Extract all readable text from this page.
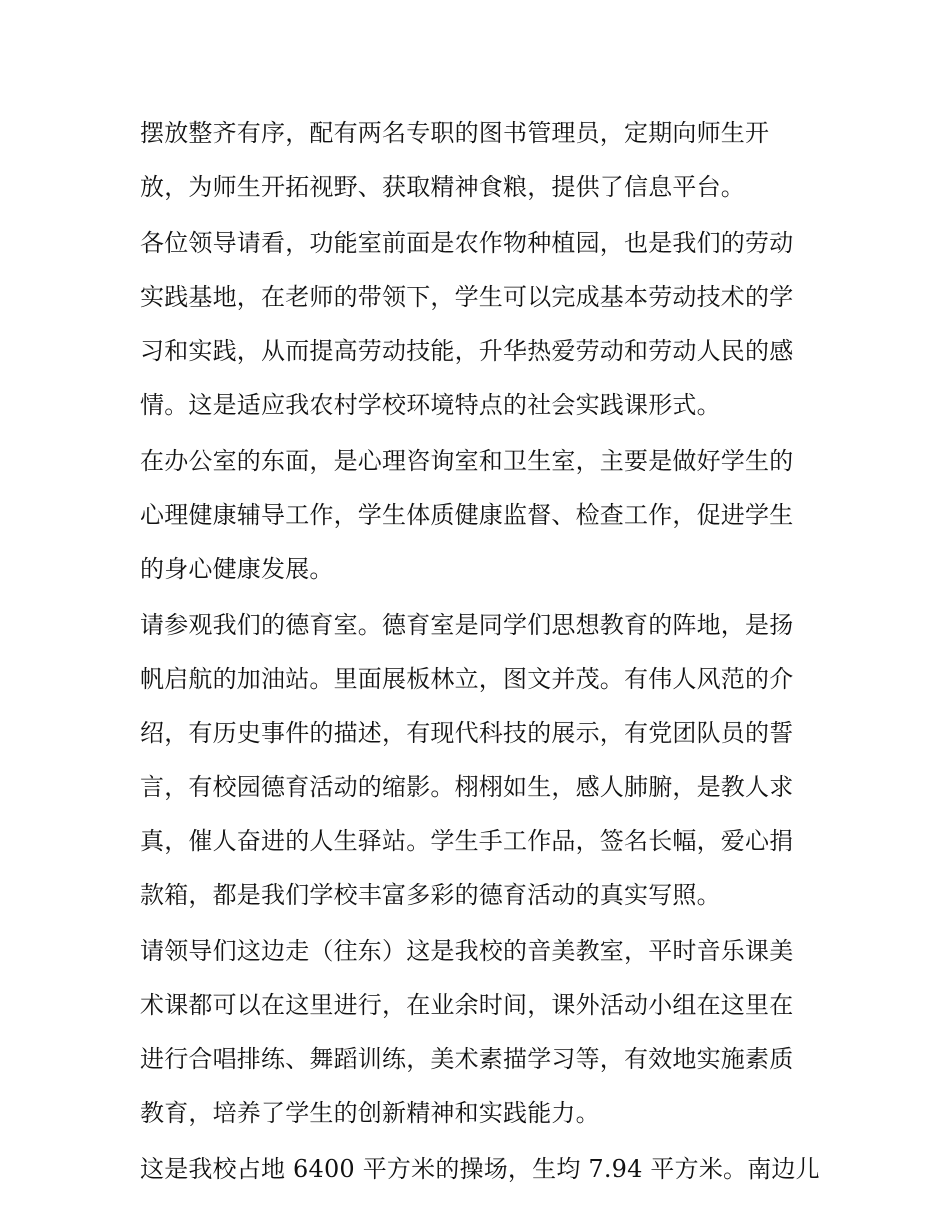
摆放整齐有序，配有两名专职的图书管理员，定期向师生开
放，为师生开拓视野、获取精神食粮，提供了信息平台。
各位领导请看，功能室前面是农作物种植园，也是我们的劳动
实践基地，在老师的带领下，学生可以完成基本劳动技术的学
习和实践，从而提高劳动技能，升华热爱劳动和劳动人民的感
情。这是适应我农村学校环境特点的社会实践课形式。
在办公室的东面，是心理咨询室和卫生室，主要是做好学生的
心理健康辅导工作，学生体质健康监督、检查工作，促进学生
的身心健康发展。
请参观我们的德育室。德育室是同学们思想教育的阵地，是扬
帆启航的加油站。里面展板林立，图文并茂。有伟人风范的介
绍，有历史事件的描述，有现代科技的展示，有党团队员的誓
言，有校园德育活动的缩影。栩栩如生，感人肺腑，是教人求
真，催人奋进的人生驿站。学生手工作品，签名长幅，爱心捐
款箱，都是我们学校丰富多彩的德育活动的真实写照。
请领导们这边走（往东）这是我校的音美教室，平时音乐课美
术课都可以在这里进行，在业余时间，课外活动小组在这里在
进行合唱排练、舞蹈训练，美术素描学习等，有效地实施素质
教育，培养了学生的创新精神和实践能力。
这是我校占地 6400 平方米的操场，生均 7.94 平方米。南边儿
